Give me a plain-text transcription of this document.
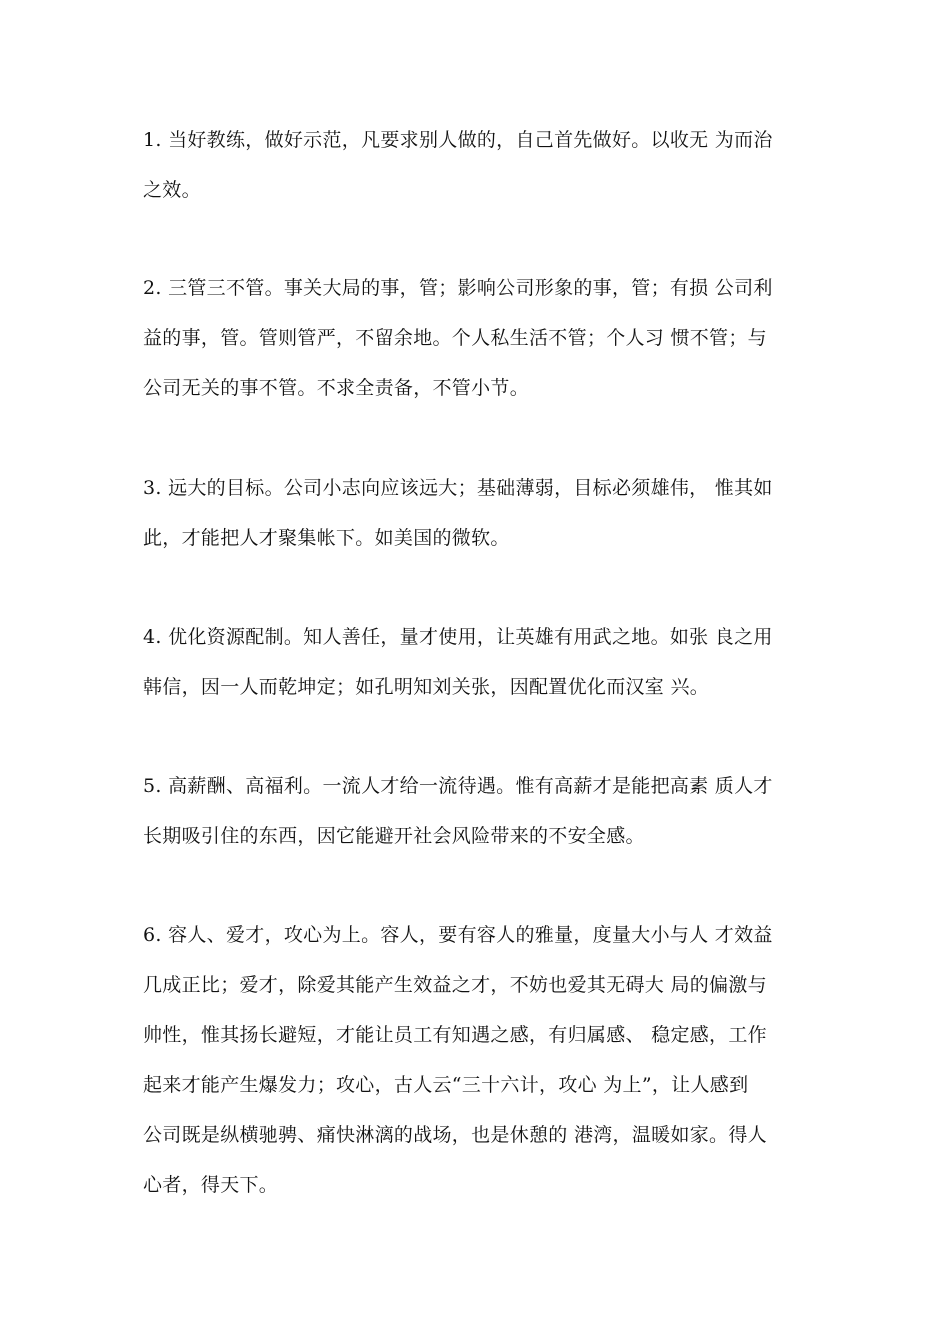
1. 当好教练，做好示范，凡要求别人做的，自己首先做好。以收无 为而治
之效。

2. 三管三不管。事关大局的事，管；影响公司形象的事，管；有损 公司利
益的事，管。管则管严，不留余地。个人私生活不管；个人习 惯不管；与
公司无关的事不管。不求全责备，不管小节。

3. 远大的目标。公司小志向应该远大；基础薄弱，目标必须雄伟， 惟其如
此，才能把人才聚集帐下。如美国的微软。

4. 优化资源配制。知人善任，量才使用，让英雄有用武之地。如张 良之用
韩信，因一人而乾坤定；如孔明知刘关张，因配置优化而汉室 兴。

5. 高薪酬、高福利。一流人才给一流待遇。惟有高薪才是能把高素 质人才
长期吸引住的东西，因它能避开社会风险带来的不安全感。

6. 容人、爱才，攻心为上。容人，要有容人的雅量，度量大小与人 才效益
几成正比；爱才，除爱其能产生效益之才，不妨也爱其无碍大 局的偏激与
帅性，惟其扬长避短，才能让员工有知遇之感，有归属感、 稳定感，工作
起来才能产生爆发力；攻心，古人云“三十六计，攻心 为上”，让人感到
公司既是纵横驰骋、痛快淋漓的战场，也是休憩的 港湾，温暖如家。得人
心者，得天下。
